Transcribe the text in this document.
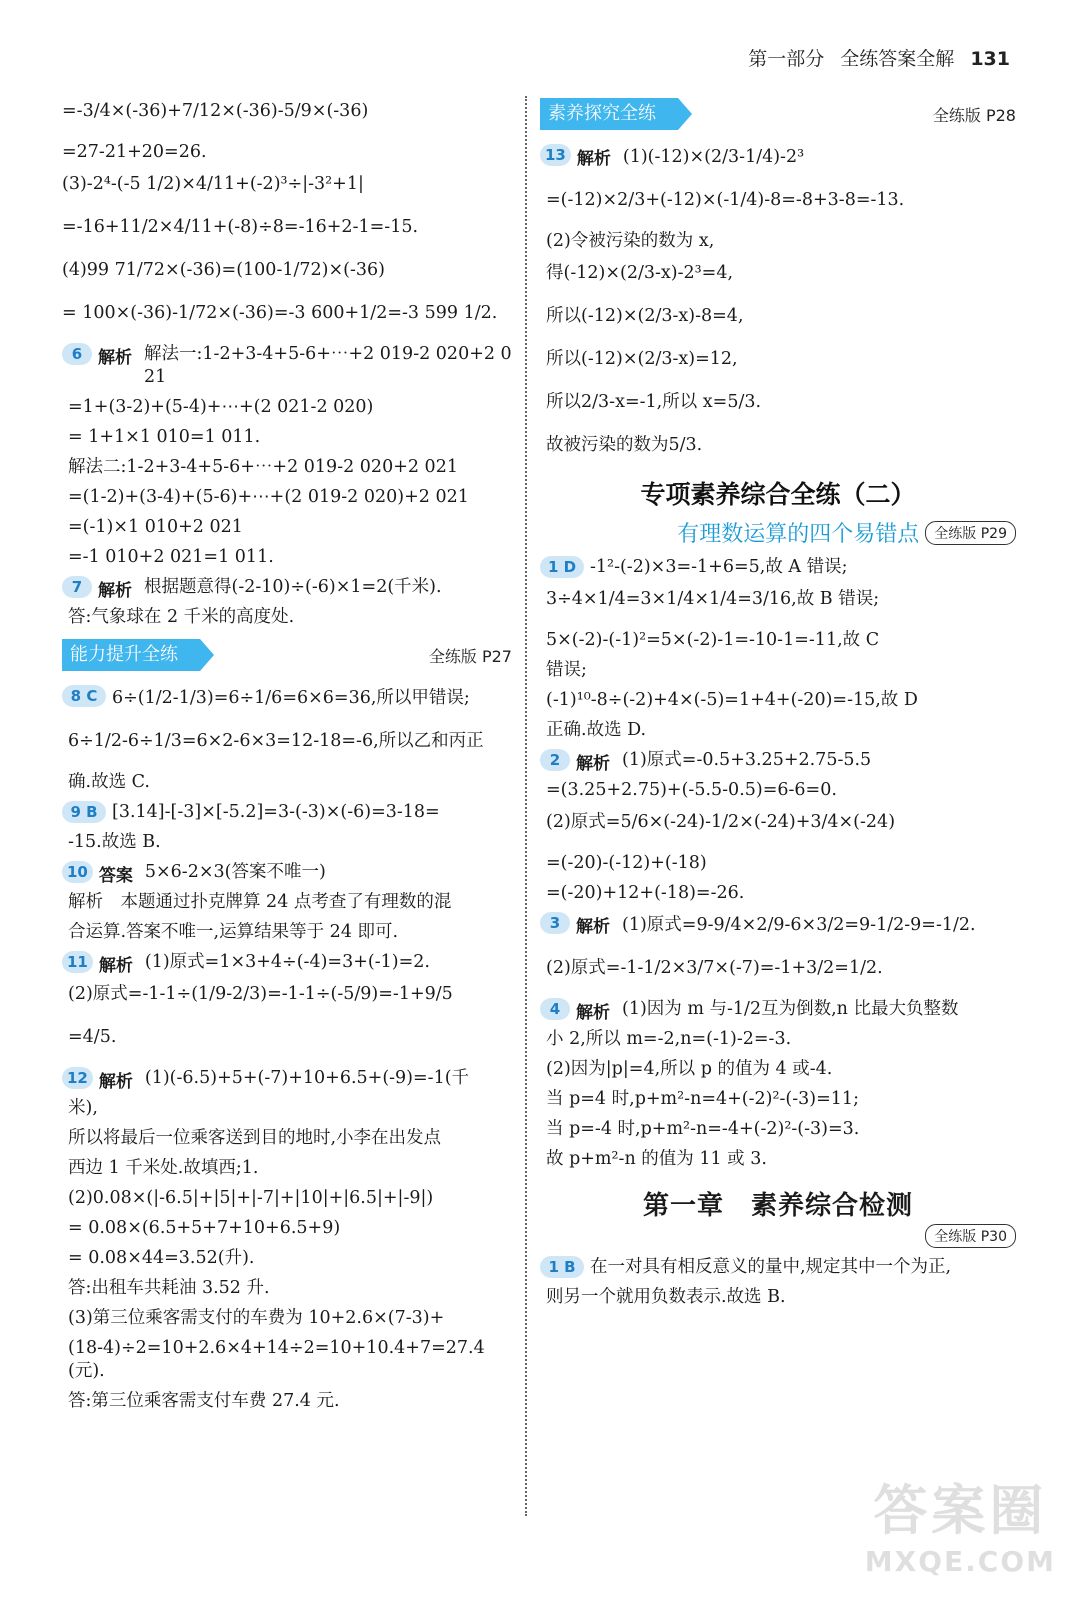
第一部分 全练答案全解 131
=-3/4×(-36)+7/12×(-36)-5/9×(-36)
=27-21+20=26.
(3)-2⁴-(-5 1/2)×4/11+(-2)³÷|-3²+1|
=-16+11/2×4/11+(-8)÷8=-16+2-1=-15.
(4)99 71/72×(-36)=(100-1/72)×(-36)
= 100×(-36)-1/72×(-36)=-3 600+1/2=-3 599 1/2.
6 解析 解法一:1-2+3-4+5-6+⋯+2 019-2 020+2 021
=1+(3-2)+(5-4)+⋯+(2 021-2 020)
= 1+1×1 010=1 011.
解法二:1-2+3-4+5-6+⋯+2 019-2 020+2 021
=(1-2)+(3-4)+(5-6)+⋯+(2 019-2 020)+2 021
=(-1)×1 010+2 021
=-1 010+2 021=1 011.
7 解析 根据题意得(-2-10)÷(-6)×1=2(千米).
答:气象球在 2 千米的高度处.
能力提升全练	全练版 P27
8 C 6÷(1/2-1/3)=6÷1/6=6×6=36,所以甲错误;
6÷1/2-6÷1/3=6×2-6×3=12-18=-6,所以乙和丙正
确.故选 C.
9 B [3.14]-[-3]×[-5.2]=3-(-3)×(-6)=3-18=
-15.故选 B.
10 答案 5×6-2×3(答案不唯一)
解析　本题通过扑克牌算 24 点考查了有理数的混
合运算.答案不唯一,运算结果等于 24 即可.
11 解析 (1)原式=1×3+4÷(-4)=3+(-1)=2.
(2)原式=-1-1÷(1/9-2/3)=-1-1÷(-5/9)=-1+9/5
=4/5.
12 解析 (1)(-6.5)+5+(-7)+10+6.5+(-9)=-1(千
米),
所以将最后一位乘客送到目的地时,小李在出发点
西边 1 千米处.故填西;1.
(2)0.08×(|-6.5|+|5|+|-7|+|10|+|6.5|+|-9|)
= 0.08×(6.5+5+7+10+6.5+9)
= 0.08×44=3.52(升).
答:出租车共耗油 3.52 升.
(3)第三位乘客需支付的车费为 10+2.6×(7-3)+
(18-4)÷2=10+2.6×4+14÷2=10+10.4+7=27.4(元).
答:第三位乘客需支付车费 27.4 元.
素养探究全练	全练版 P28
13 解析 (1)(-12)×(2/3-1/4)-2³
=(-12)×2/3+(-12)×(-1/4)-8=-8+3-8=-13.
(2)令被污染的数为 x,
得(-12)×(2/3-x)-2³=4,
所以(-12)×(2/3-x)-8=4,
所以(-12)×(2/3-x)=12,
所以2/3-x=-1,所以 x=5/3.
故被污染的数为5/3.
专项素养综合全练（二）
有理数运算的四个易错点	全练版 P29
1 D -1²-(-2)×3=-1+6=5,故 A 错误;
3÷4×1/4=3×1/4×1/4=3/16,故 B 错误;
5×(-2)-(-1)²=5×(-2)-1=-10-1=-11,故 C
错误;
(-1)¹⁰-8÷(-2)+4×(-5)=1+4+(-20)=-15,故 D
正确.故选 D.
2 解析 (1)原式=-0.5+3.25+2.75-5.5
=(3.25+2.75)+(-5.5-0.5)=6-6=0.
(2)原式=5/6×(-24)-1/2×(-24)+3/4×(-24)
=(-20)-(-12)+(-18)
=(-20)+12+(-18)=-26.
3 解析 (1)原式=9-9/4×2/9-6×3/2=9-1/2-9=-1/2.
(2)原式=-1-1/2×3/7×(-7)=-1+3/2=1/2.
4 解析 (1)因为 m 与-1/2互为倒数,n 比最大负整数
小 2,所以 m=-2,n=(-1)-2=-3.
(2)因为|p|=4,所以 p 的值为 4 或-4.
当 p=4 时,p+m²-n=4+(-2)²-(-3)=11;
当 p=-4 时,p+m²-n=-4+(-2)²-(-3)=3.
故 p+m²-n 的值为 11 或 3.
第一章　素养综合检测
全练版 P30
1 B 在一对具有相反意义的量中,规定其中一个为正,
则另一个就用负数表示.故选 B.
答案圈
MXQE.COM
